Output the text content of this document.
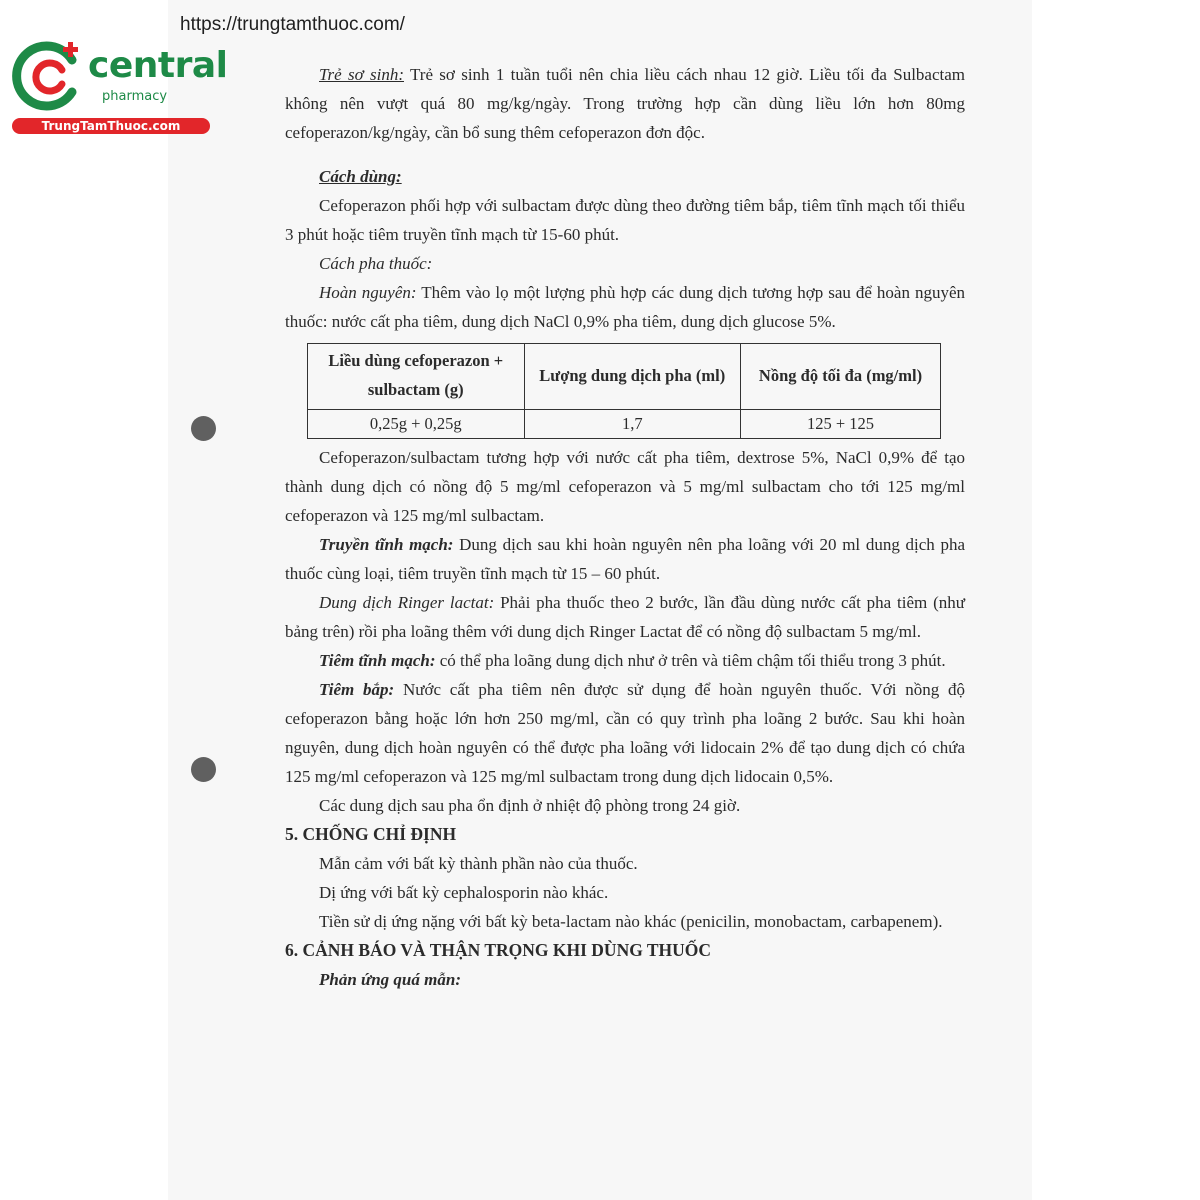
https://trungtamthuoc.com/
central
pharmacy
TrungTamThuoc.com

Trẻ sơ sinh: Trẻ sơ sinh 1 tuần tuổi nên chia liều cách nhau 12 giờ. Liều tối đa Sulbactam không nên vượt quá 80 mg/kg/ngày. Trong trường hợp cần dùng liều lớn hơn 80mg cefoperazon/kg/ngày, cần bổ sung thêm cefoperazon đơn độc.

Cách dùng:

Cefoperazon phối hợp với sulbactam được dùng theo đường tiêm bắp, tiêm tĩnh mạch tối thiểu 3 phút hoặc tiêm truyền tĩnh mạch từ 15-60 phút.

Cách pha thuốc:

Hoàn nguyên: Thêm vào lọ một lượng phù hợp các dung dịch tương hợp sau để hoàn nguyên thuốc: nước cất pha tiêm, dung dịch NaCl 0,9% pha tiêm, dung dịch glucose 5%.

Liều dùng cefoperazon + sulbactam (g)	Lượng dung dịch pha (ml)	Nồng độ tối đa (mg/ml)
0,25g + 0,25g	1,7	125 + 125

Cefoperazon/sulbactam tương hợp với nước cất pha tiêm, dextrose 5%, NaCl 0,9% để tạo thành dung dịch có nồng độ 5 mg/ml cefoperazon và 5 mg/ml sulbactam cho tới 125 mg/ml cefoperazon và 125 mg/ml sulbactam.

Truyền tĩnh mạch: Dung dịch sau khi hoàn nguyên nên pha loãng với 20 ml dung dịch pha thuốc cùng loại, tiêm truyền tĩnh mạch từ 15 – 60 phút.

Dung dịch Ringer lactat: Phải pha thuốc theo 2 bước, lần đầu dùng nước cất pha tiêm (như bảng trên) rồi pha loãng thêm với dung dịch Ringer Lactat để có nồng độ sulbactam 5 mg/ml.

Tiêm tĩnh mạch: có thể pha loãng dung dịch như ở trên và tiêm chậm tối thiểu trong 3 phút.

Tiêm bắp: Nước cất pha tiêm nên được sử dụng để hoàn nguyên thuốc. Với nồng độ cefoperazon bằng hoặc lớn hơn 250 mg/ml, cần có quy trình pha loãng 2 bước. Sau khi hoàn nguyên, dung dịch hoàn nguyên có thể được pha loãng với lidocain 2% để tạo dung dịch có chứa 125 mg/ml cefoperazon và 125 mg/ml sulbactam trong dung dịch lidocain 0,5%.

Các dung dịch sau pha ổn định ở nhiệt độ phòng trong 24 giờ.

5. CHỐNG CHỈ ĐỊNH

Mẫn cảm với bất kỳ thành phần nào của thuốc.

Dị ứng với bất kỳ cephalosporin nào khác.

Tiền sử dị ứng nặng với bất kỳ beta-lactam nào khác (penicilin, monobactam, carbapenem).

6. CẢNH BÁO VÀ THẬN TRỌNG KHI DÙNG THUỐC

Phản ứng quá mẫn:
